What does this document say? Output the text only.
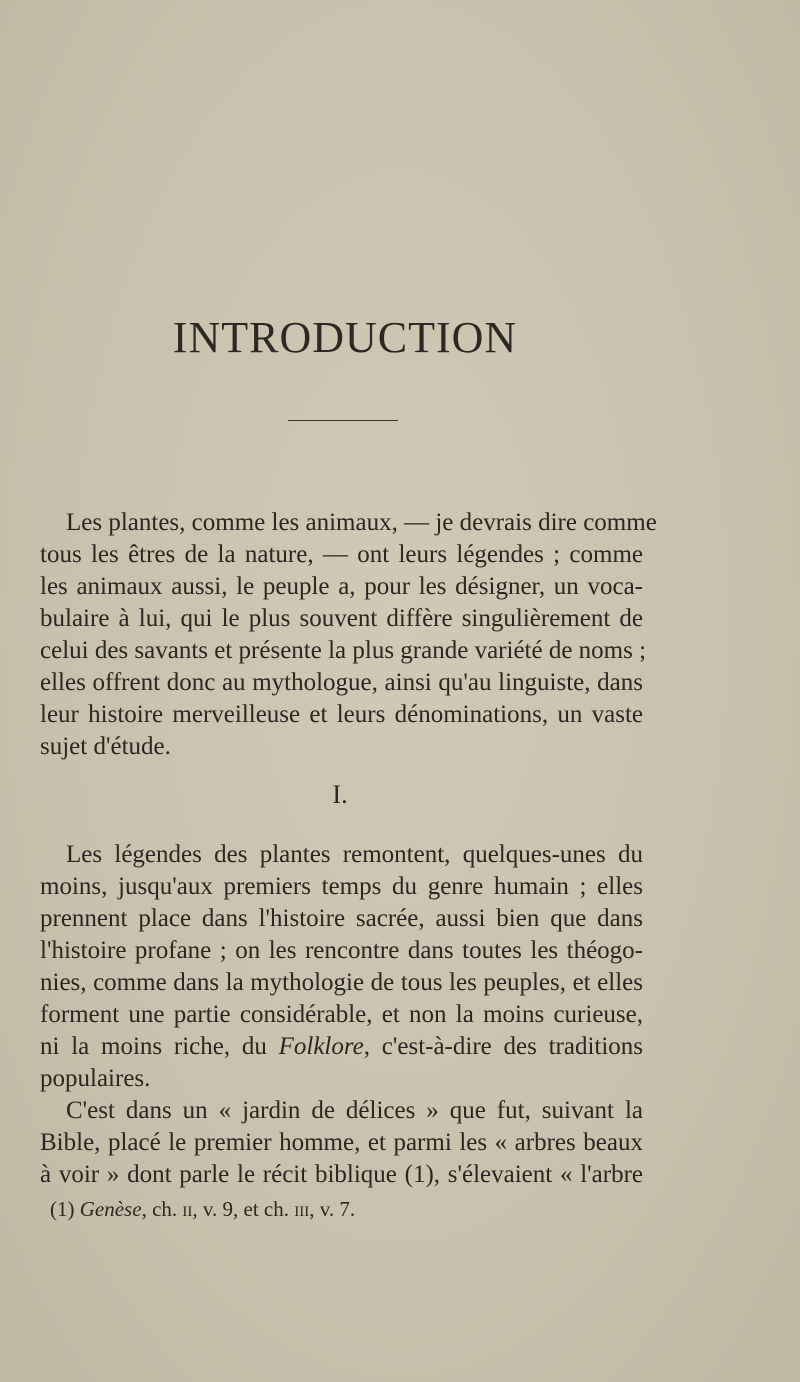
INTRODUCTION

Les plantes, comme les animaux, — je devrais dire comme

tous les êtres de la nature, — ont leurs légendes ; comme

les animaux aussi, le peuple a, pour les désigner, un voca-

bulaire à lui, qui le plus souvent diffère singulièrement de

celui des savants et présente la plus grande variété de noms ;

elles offrent donc au mythologue, ainsi qu'au linguiste, dans

leur histoire merveilleuse et leurs dénominations, un vaste

sujet d'étude.

I.

Les légendes des plantes remontent, quelques-unes du

moins, jusqu'aux premiers temps du genre humain ; elles

prennent place dans l'histoire sacrée, aussi bien que dans

l'histoire profane ; on les rencontre dans toutes les théogo-

nies, comme dans la mythologie de tous les peuples, et elles

forment une partie considérable, et non la moins curieuse,

ni la moins riche, du Folklore, c'est-à-dire des traditions

populaires.

C'est dans un « jardin de délices » que fut, suivant la

Bible, placé le premier homme, et parmi les « arbres beaux

à voir » dont parle le récit biblique (1), s'élevaient « l'arbre

(1) Genèse, ch. ii, v. 9, et ch. iii, v. 7.
